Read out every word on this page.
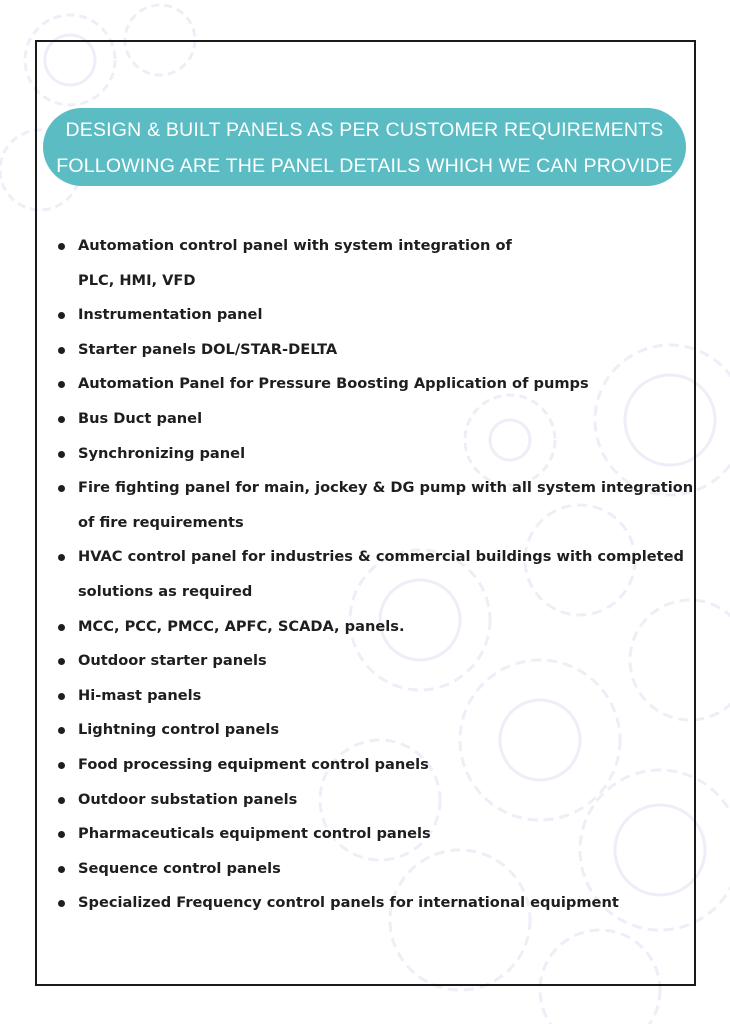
DESIGN & BUILT PANELS AS PER CUSTOMER REQUIREMENTS
FOLLOWING ARE THE PANEL DETAILS WHICH WE CAN PROVIDE
Automation control panel with system integration of
PLC, HMI, VFD
Instrumentation panel
Starter panels DOL/STAR-DELTA
Automation Panel for Pressure Boosting Application of pumps
Bus Duct panel
Synchronizing panel
Fire fighting panel for main, jockey & DG pump with all system integration
of fire requirements
HVAC control panel for industries & commercial buildings with completed
solutions as required
MCC, PCC, PMCC, APFC, SCADA, panels.
Outdoor starter panels
Hi-mast panels
Lightning control panels
Food processing equipment control panels
Outdoor substation panels
Pharmaceuticals equipment control panels
Sequence control panels
Specialized Frequency control panels for international equipment
